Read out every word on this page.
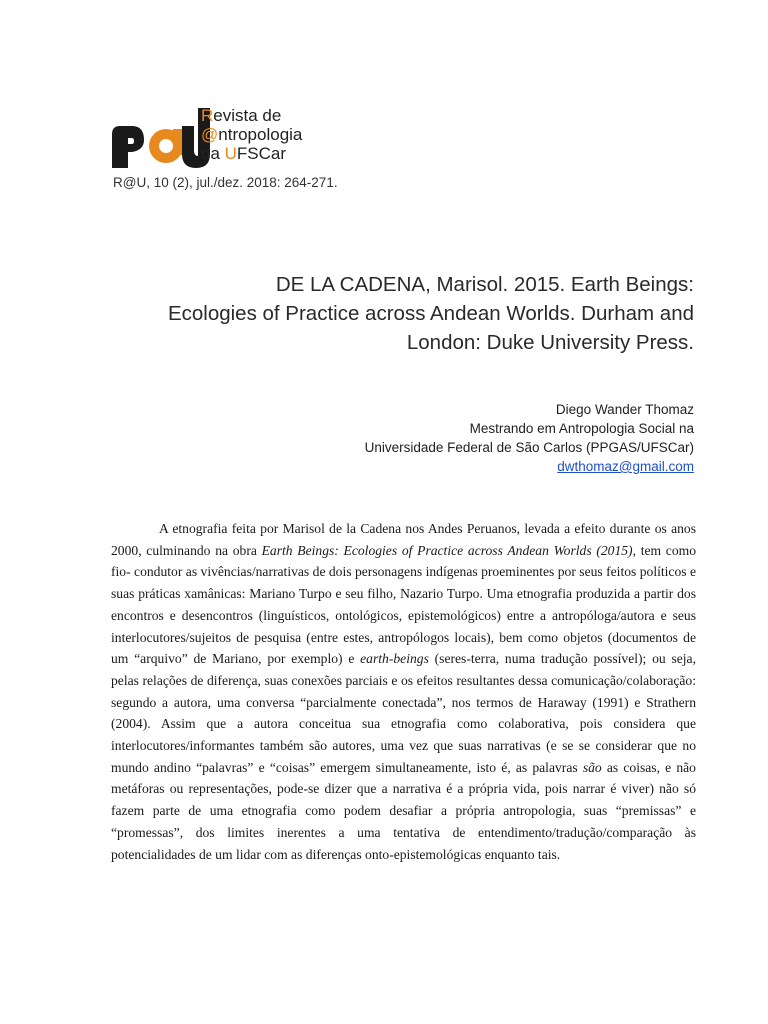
Revista de
@ntropologia
da UFSCar
R@U, 10 (2), jul./dez. 2018: 264-271.
DE LA CADENA, Marisol. 2015. Earth Beings:
Ecologies of Practice across Andean Worlds. Durham and
London: Duke University Press.
Diego Wander Thomaz
Mestrando em Antropologia Social na
Universidade Federal de São Carlos (PPGAS/UFSCar)
dwthomaz@gmail.com

A etnografia feita por Marisol de la Cadena nos Andes Peruanos, levada a efeito durante os anos 2000, culminando na obra Earth Beings: Ecologies of Practice across Andean Worlds (2015), tem como fio- condutor as vivências/narrativas de dois personagens indígenas proeminentes por seus feitos políticos e suas práticas xamânicas: Mariano Turpo e seu filho, Nazario Turpo. Uma etnografia produzida a partir dos encontros e desencontros (linguísticos, ontológicos, epistemológicos) entre a antropóloga/autora e seus interlocutores/sujeitos de pesquisa (entre estes, antropólogos locais), bem como objetos (documentos de um “arquivo” de Mariano, por exemplo) e earth-beings (seres-terra, numa tradução possível); ou seja, pelas relações de diferença, suas conexões parciais e os efeitos resultantes dessa comunicação/colaboração: segundo a autora, uma conversa “parcialmente conectada”, nos termos de Haraway (1991) e Strathern (2004). Assim que a autora conceitua sua etnografia como colaborativa, pois considera que interlocutores/informantes também são autores, uma vez que suas narrativas (e se se considerar que no mundo andino “palavras” e “coisas” emergem simultaneamente, isto é, as palavras são as coisas, e não metáforas ou representações, pode-se dizer que a narrativa é a própria vida, pois narrar é viver) não só fazem parte de uma etnografia como podem desafiar a própria antropologia, suas “premissas” e “promessas”, dos limites inerentes a uma tentativa de entendimento/tradução/comparação às potencialidades de um lidar com as diferenças onto-epistemológicas enquanto tais.
